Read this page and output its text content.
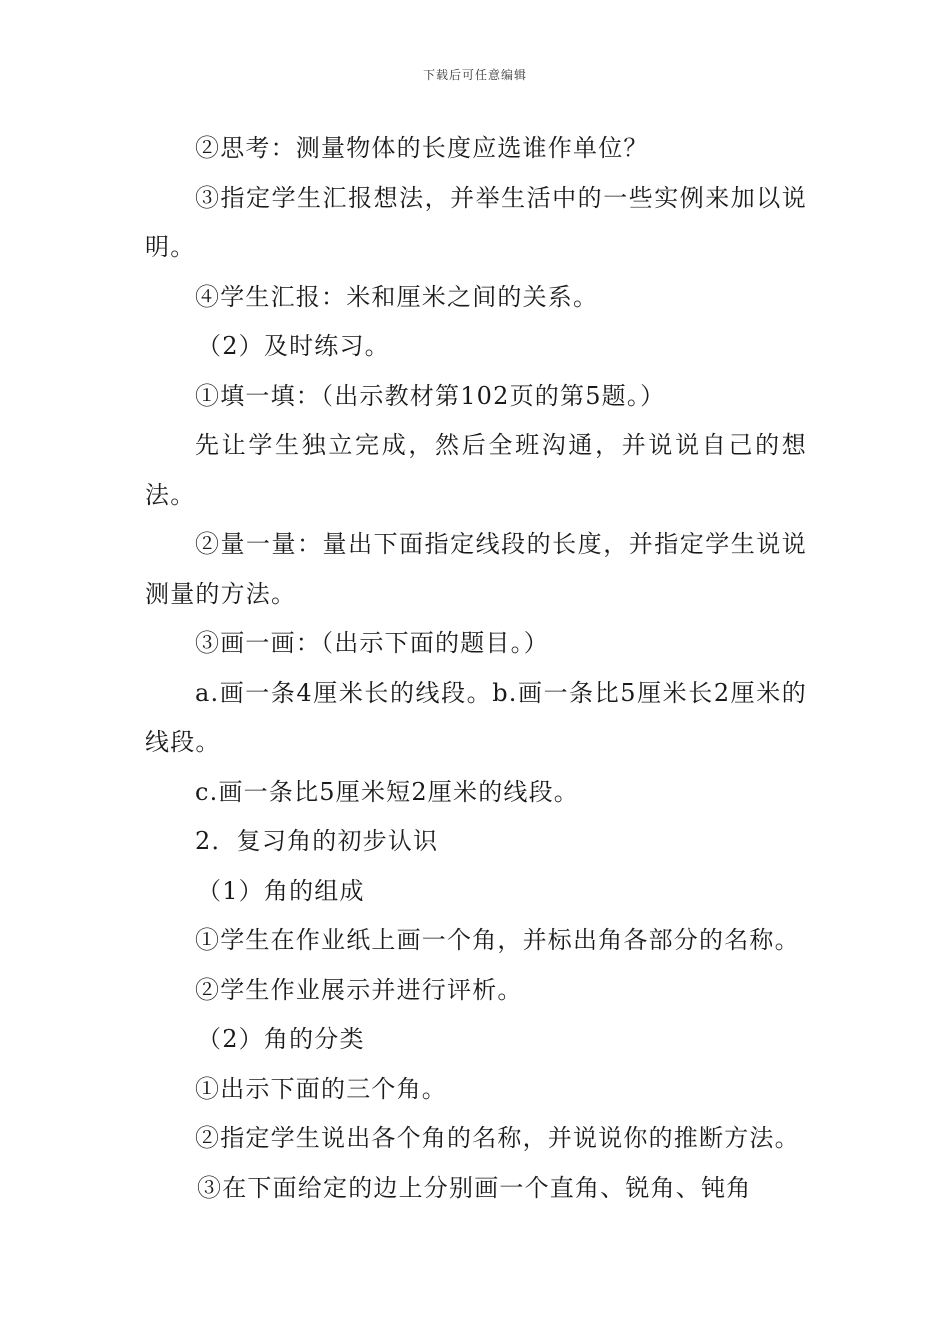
下载后可任意编辑

②思考：测量物体的长度应选谁作单位？

③指定学生汇报想法，并举生活中的一些实例来加以说明。

④学生汇报：米和厘米之间的关系。

（2）及时练习。

①填一填：（出示教材第102页的第5题。）

先让学生独立完成，然后全班沟通，并说说自己的想法。

②量一量：量出下面指定线段的长度，并指定学生说说测量的方法。

③画一画：（出示下面的题目。）

a.画一条4厘米长的线段。b.画一条比5厘米长2厘米的线段。

c.画一条比5厘米短2厘米的线段。

2．复习角的初步认识

（1）角的组成

①学生在作业纸上画一个角，并标出角各部分的名称。

②学生作业展示并进行评析。

（2）角的分类

①出示下面的三个角。

②指定学生说出各个角的名称，并说说你的推断方法。

③在下面给定的边上分别画一个直角、锐角、钝角
